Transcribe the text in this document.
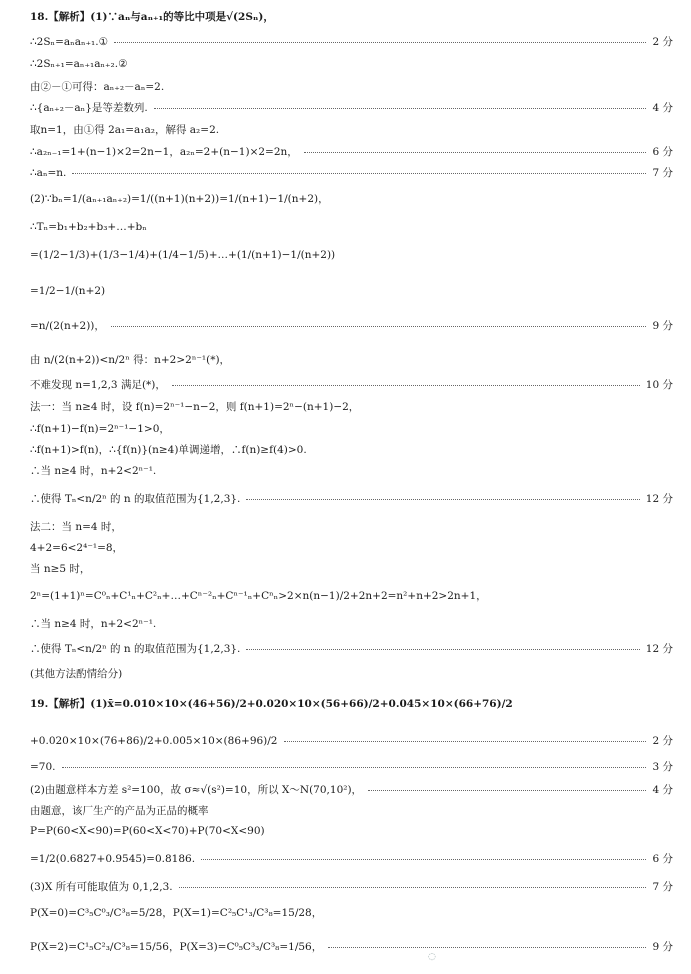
18.【解析】(1)∵aₙ与aₙ₊₁的等比中项是√(2Sₙ)，
∴2Sₙ=aₙaₙ₊₁.①	2 分
∴2Sₙ₊₁=aₙ₊₁aₙ₊₂.②
由②－①可得：aₙ₊₂－aₙ=2.
∴{aₙ₊₂－aₙ}是等差数列.	4 分
取n=1，由①得 2a₁=a₁a₂，解得 a₂=2.
∴a₂ₙ₋₁=1+(n−1)×2=2n−1，a₂ₙ=2+(n−1)×2=2n，	6 分
∴aₙ=n.	7 分
(2)∵bₙ=1/(aₙ₊₁aₙ₊₂)=1/((n+1)(n+2))=1/(n+1)−1/(n+2)，
∴Tₙ=b₁+b₂+b₃+…+bₙ
=(1/2−1/3)+(1/3−1/4)+(1/4−1/5)+…+(1/(n+1)−1/(n+2))
=1/2−1/(n+2)
=n/(2(n+2))，	9 分
由 n/(2(n+2))<n/2ⁿ 得：n+2>2ⁿ⁻¹(*)，
不难发现 n=1,2,3 满足(*)，	10 分
法一：当 n≥4 时，设 f(n)=2ⁿ⁻¹−n−2，则 f(n+1)=2ⁿ−(n+1)−2，
∴f(n+1)−f(n)=2ⁿ⁻¹−1>0，
∴f(n+1)>f(n)，∴{f(n)}(n≥4)单调递增，∴f(n)≥f(4)>0.
∴当 n≥4 时，n+2<2ⁿ⁻¹.
∴使得 Tₙ<n/2ⁿ 的 n 的取值范围为{1,2,3}.	12 分
法二：当 n=4 时，
4+2=6<2⁴⁻¹=8，
当 n≥5 时，
2ⁿ=(1+1)ⁿ=C⁰ₙ+C¹ₙ+C²ₙ+…+Cⁿ⁻²ₙ+Cⁿ⁻¹ₙ+Cⁿₙ>2×n(n−1)/2+2n+2=n²+n+2>2n+1，
∴当 n≥4 时，n+2<2ⁿ⁻¹.
∴使得 Tₙ<n/2ⁿ 的 n 的取值范围为{1,2,3}.	12 分
(其他方法酌情给分)
19.【解析】(1)x̄=0.010×10×(46+56)/2+0.020×10×(56+66)/2+0.045×10×(66+76)/2
+0.020×10×(76+86)/2+0.005×10×(86+96)/2	2 分
=70.	3 分
(2)由题意样本方差 s²=100，故 σ≈√(s²)=10，所以 X～N(70,10²)，	4 分
由题意，该厂生产的产品为正品的概率
P=P(60<X<90)=P(60<X<70)+P(70<X<90)
=1/2(0.6827+0.9545)=0.8186.	6 分
(3)X 所有可能取值为 0,1,2,3.	7 分
P(X=0)=C³₅C⁰₃/C³₈=5/28，P(X=1)=C²₅C¹₃/C³₈=15/28，
P(X=2)=C¹₅C²₃/C³₈=15/56，P(X=3)=C⁰₅C³₃/C³₈=1/56，	9 分
◌
